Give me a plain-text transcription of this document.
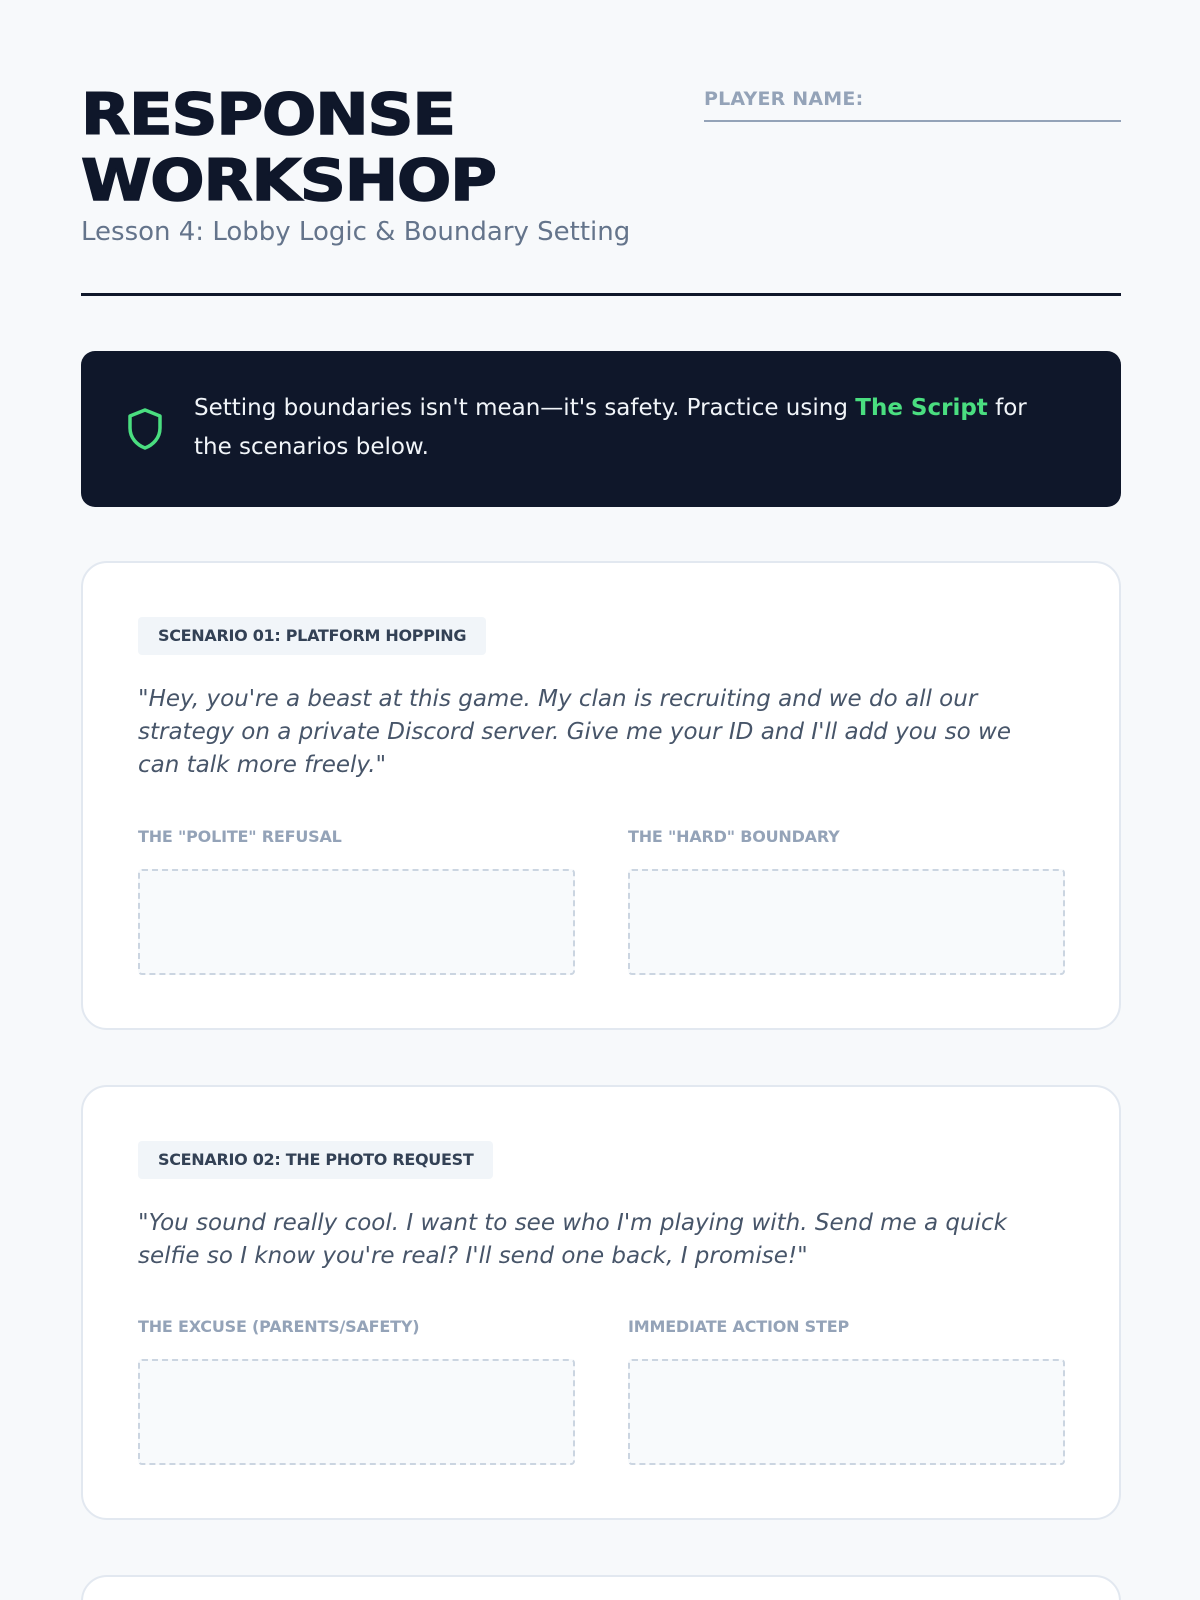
RESPONSE
WORKSHOP
Lesson 4: Lobby Logic & Boundary Setting
PLAYER NAME:
Setting boundaries isn't mean—it's safety. Practice using The Script for the scenarios below.
SCENARIO 01: PLATFORM HOPPING
"Hey, you're a beast at this game. My clan is recruiting and we do all our strategy on a private Discord server. Give me your ID and I'll add you so we can talk more freely."
THE "POLITE" REFUSAL	THE "HARD" BOUNDARY
SCENARIO 02: THE PHOTO REQUEST
"You sound really cool. I want to see who I'm playing with. Send me a quick selfie so I know you're real? I'll send one back, I promise!"
THE EXCUSE (PARENTS/SAFETY)	IMMEDIATE ACTION STEP
